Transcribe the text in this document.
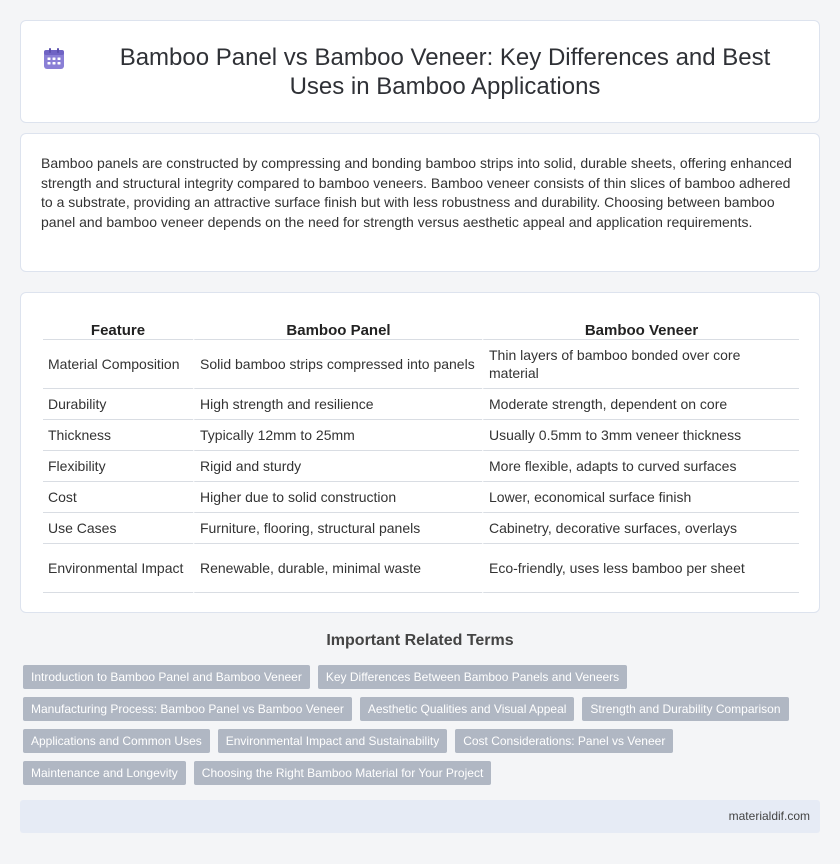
Bamboo Panel vs Bamboo Veneer: Key Differences and Best Uses in Bamboo Applications

Bamboo panels are constructed by compressing and bonding bamboo strips into solid, durable sheets, offering enhanced strength and structural integrity compared to bamboo veneers. Bamboo veneer consists of thin slices of bamboo adhered to a substrate, providing an attractive surface finish but with less robustness and durability. Choosing between bamboo panel and bamboo veneer depends on the need for strength versus aesthetic appeal and application requirements.

Feature	Bamboo Panel	Bamboo Veneer
Material Composition	Solid bamboo strips compressed into panels	Thin layers of bamboo bonded over core material
Durability	High strength and resilience	Moderate strength, dependent on core
Thickness	Typically 12mm to 25mm	Usually 0.5mm to 3mm veneer thickness
Flexibility	Rigid and sturdy	More flexible, adapts to curved surfaces
Cost	Higher due to solid construction	Lower, economical surface finish
Use Cases	Furniture, flooring, structural panels	Cabinetry, decorative surfaces, overlays
Environmental Impact	Renewable, durable, minimal waste	Eco-friendly, uses less bamboo per sheet
Important Related Terms
Introduction to Bamboo Panel and Bamboo Veneer	Key Differences Between Bamboo Panels and Veneers
Manufacturing Process: Bamboo Panel vs Bamboo Veneer	Aesthetic Qualities and Visual Appeal	Strength and Durability Comparison
Applications and Common Uses	Environmental Impact and Sustainability	Cost Considerations: Panel vs Veneer
Maintenance and Longevity	Choosing the Right Bamboo Material for Your Project
materialdif.com
